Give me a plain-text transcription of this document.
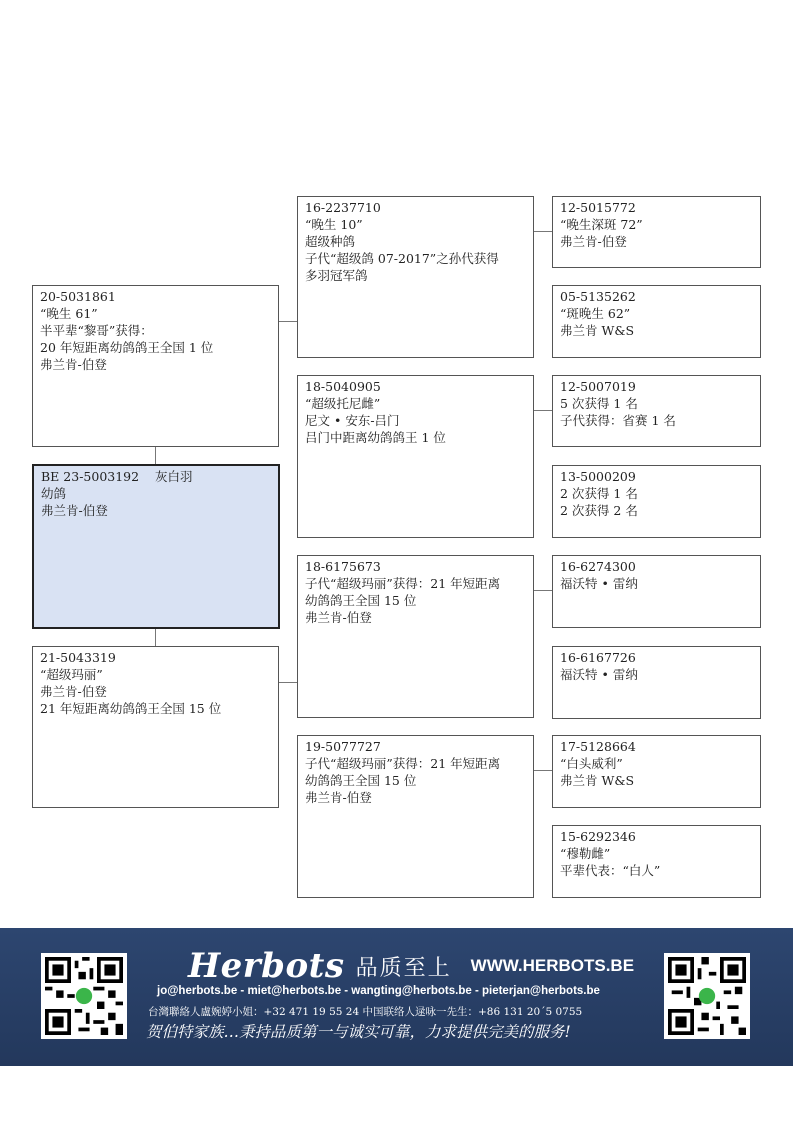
20-5031861
“晚生 61”
半平辈“黎哥”获得：
20 年短距离幼鸽鸽王全国 1 位
弗兰肯-伯登
BE 23-5003192    灰白羽
幼鸽
弗兰肯-伯登
21-5043319
“超级玛丽”
弗兰肯-伯登
21 年短距离幼鸽鸽王全国 15 位
16-2237710
“晚生 10”
超级种鸽
子代“超级鸽 07-2017”之孙代获得
多羽冠军鸽
18-5040905
“超级托尼雌”
尼文 • 安东-吕门
吕门中距离幼鸽鸽王 1 位
18-6175673
子代“超级玛丽”获得：21 年短距离
幼鸽鸽王全国 15 位
弗兰肯-伯登
19-5077727
子代“超级玛丽”获得：21 年短距离
幼鸽鸽王全国 15 位
弗兰肯-伯登
12-5015772
“晚生深斑 72”
弗兰肯-伯登
05-5135262
“斑晚生 62”
弗兰肯 W&S
12-5007019
5 次获得 1 名
子代获得：省赛 1 名
13-5000209
2 次获得 1 名
2 次获得 2 名
16-6274300
福沃特 • 雷纳
16-6167726
福沃特 • 雷纳
17-5128664
“白头威利”
弗兰肯 W&S
15-6292346
“穆勒雌”
平辈代表：“白人”
Herbots 品质至上 WWW.HERBOTS.BE
jo@herbots.be - miet@herbots.be - wangting@herbots.be - pieterjan@herbots.be
台灣聯絡人盧婉婷小姐：+32 471 19 55 24 中国联络人逯咏一先生：+86 131 20´5 0755
贺伯特家族…秉持品质第一与诚实可靠，力求提供完美的服务!
